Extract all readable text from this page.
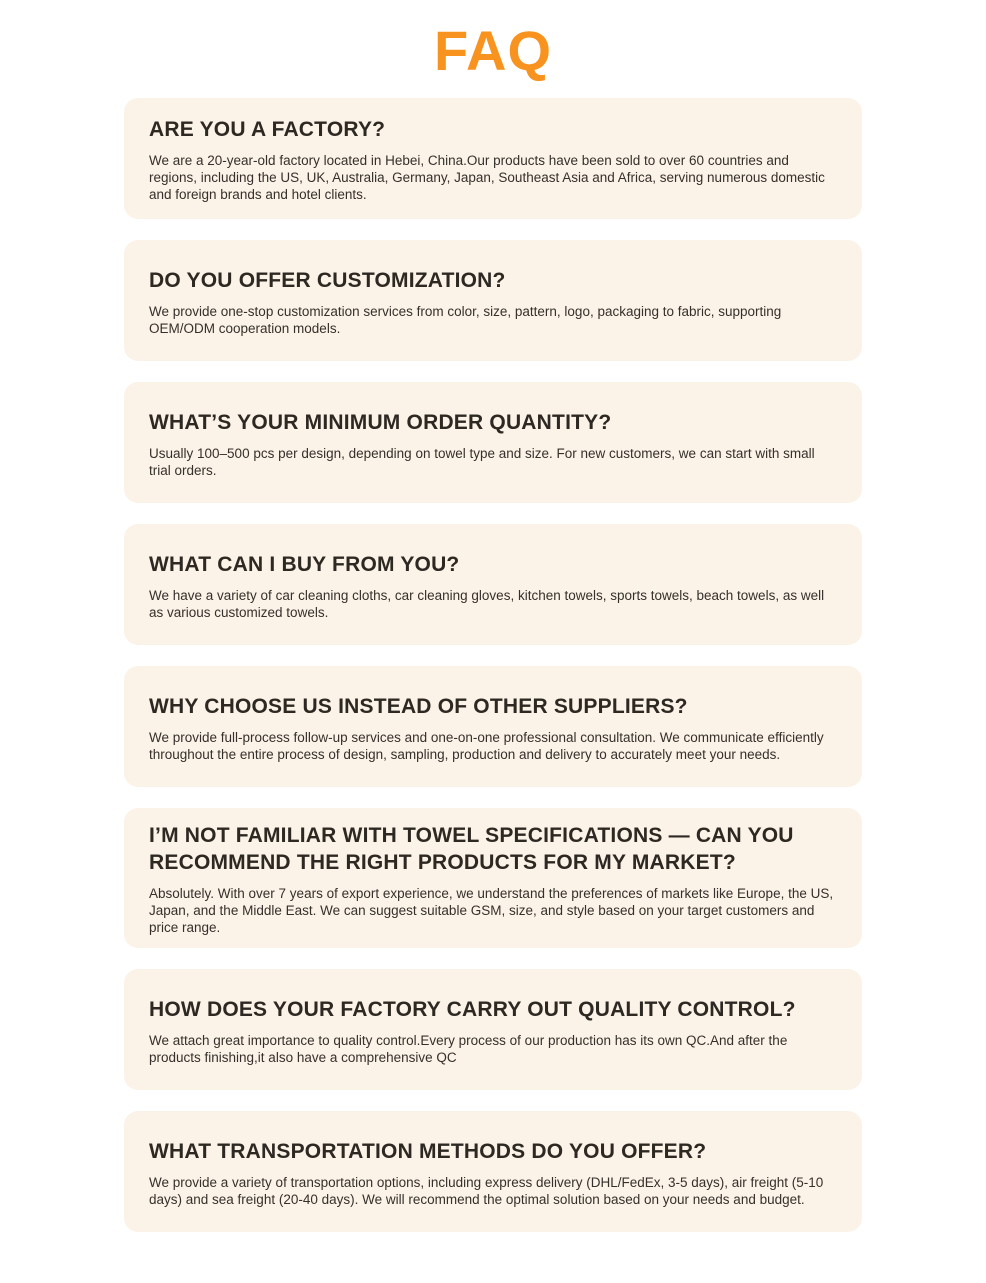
FAQ
ARE YOU A FACTORY?

We are a 20-year-old factory located in Hebei, China.Our products have been sold to over 60 countries and regions, including the US, UK, Australia, Germany, Japan, Southeast Asia and Africa, serving numerous domestic and foreign brands and hotel clients.

DO YOU OFFER CUSTOMIZATION?

We provide one-stop customization services from color, size, pattern, logo, packaging to fabric, supporting OEM/ODM cooperation models.

WHAT’S YOUR MINIMUM ORDER QUANTITY?

Usually 100–500 pcs per design, depending on towel type and size. For new customers, we can start with small trial orders.

WHAT CAN I BUY FROM YOU?

We have a variety of car cleaning cloths, car cleaning gloves, kitchen towels, sports towels, beach towels, as well as various customized towels.

WHY CHOOSE US INSTEAD OF OTHER SUPPLIERS?

We provide full-process follow-up services and one-on-one professional consultation. We communicate efficiently throughout the entire process of design, sampling, production and delivery to accurately meet your needs.

I’M NOT FAMILIAR WITH TOWEL SPECIFICATIONS — CAN YOU RECOMMEND THE RIGHT PRODUCTS FOR MY MARKET?

Absolutely. With over 7 years of export experience, we understand the preferences of markets like Europe, the US, Japan, and the Middle East. We can suggest suitable GSM, size, and style based on your target customers and price range.

HOW DOES YOUR FACTORY CARRY OUT QUALITY CONTROL?

We attach great importance to quality control.Every process of our production has its own QC.And after the products finishing,it also have a comprehensive QC

WHAT TRANSPORTATION METHODS DO YOU OFFER?

We provide a variety of transportation options, including express delivery (DHL/FedEx, 3-5 days), air freight (5-10 days) and sea freight (20-40 days). We will recommend the optimal solution based on your needs and budget.
